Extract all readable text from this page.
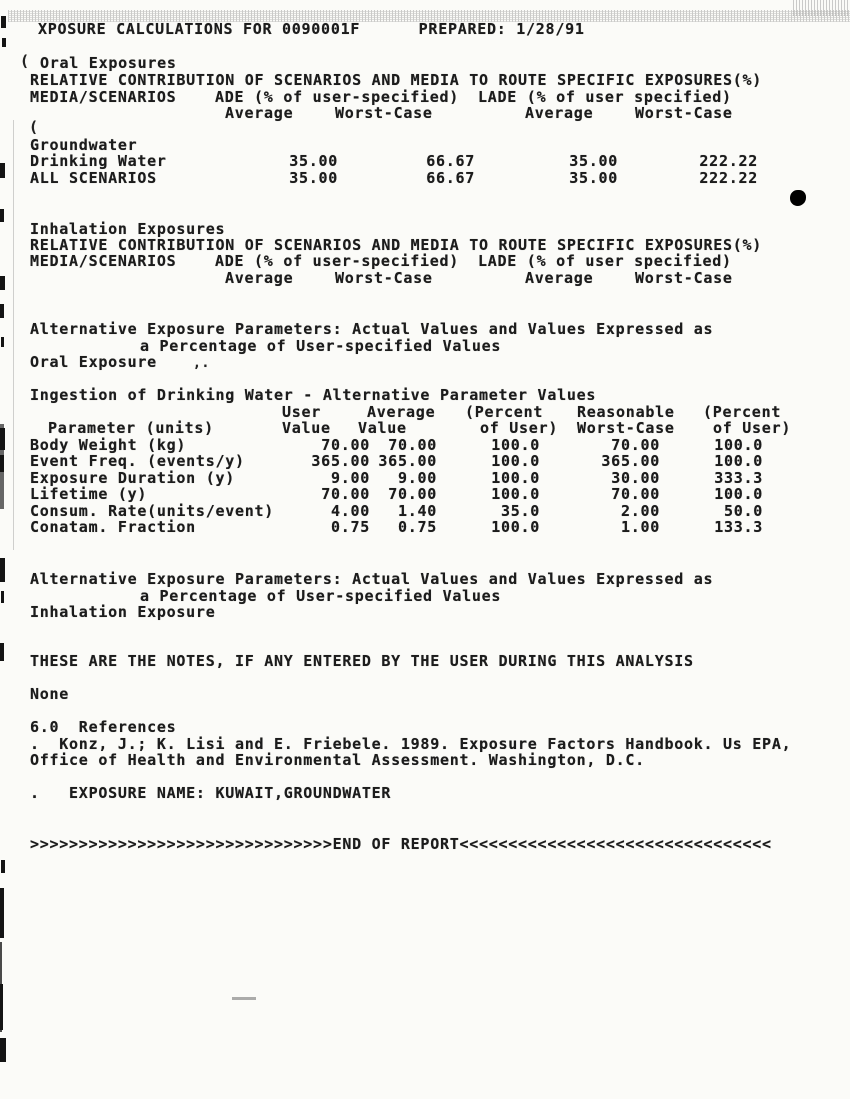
(
(
,.
XPOSURE CALCULATIONS FOR 0090001F      PREPARED: 1/28/91
Oral Exposures
RELATIVE CONTRIBUTION OF SCENARIOS AND MEDIA TO ROUTE SPECIFIC EXPOSURES(%)
MEDIA/SCENARIOS	ADE (% of user-specified) LADE (% of user specified)
Average	Worst-Case	Average	Worst-Case
Groundwater
Drinking Water	35.00	66.67	35.00	222.22
ALL SCENARIOS	35.00	66.67	35.00	222.22
Inhalation Exposures
RELATIVE CONTRIBUTION OF SCENARIOS AND MEDIA TO ROUTE SPECIFIC EXPOSURES(%)
MEDIA/SCENARIOS	ADE (% of user-specified) LADE (% of user specified)
Average	Worst-Case	Average	Worst-Case
Alternative Exposure Parameters: Actual Values and Values Expressed as
a Percentage of User-specified Values
Oral Exposure
Ingestion of Drinking Water - Alternative Parameter Values
User	Average (Percent Reasonable (Percent
Parameter (units)	Value Value	of User) Worst-Case	of User)
Body Weight (kg)	70.00 70.00	100.0	70.00	100.0
Event Freq. (events/y)	365.00 365.00	100.0	365.00	100.0
Exposure Duration (y)	9.00 9.00	100.0	30.00	333.3
Lifetime (y)	70.00 70.00	100.0	70.00	100.0
Consum. Rate(units/event)	4.00 1.40	35.0	2.00	50.0
Conatam. Fraction	0.75 0.75	100.0	1.00	133.3
Alternative Exposure Parameters: Actual Values and Values Expressed as
a Percentage of User-specified Values
Inhalation Exposure
THESE ARE THE NOTES, IF ANY ENTERED BY THE USER DURING THIS ANALYSIS
None
6.0  References
.  Konz, J.; K. Lisi and E. Friebele. 1989. Exposure Factors Handbook. Us EPA,
Office of Health and Environmental Assessment. Washington, D.C.
.   EXPOSURE NAME: KUWAIT,GROUNDWATER
>>>>>>>>>>>>>>>>>>>>>>>>>>>>>>>END OF REPORT<<<<<<<<<<<<<<<<<<<<<<<<<<<<<<<<
